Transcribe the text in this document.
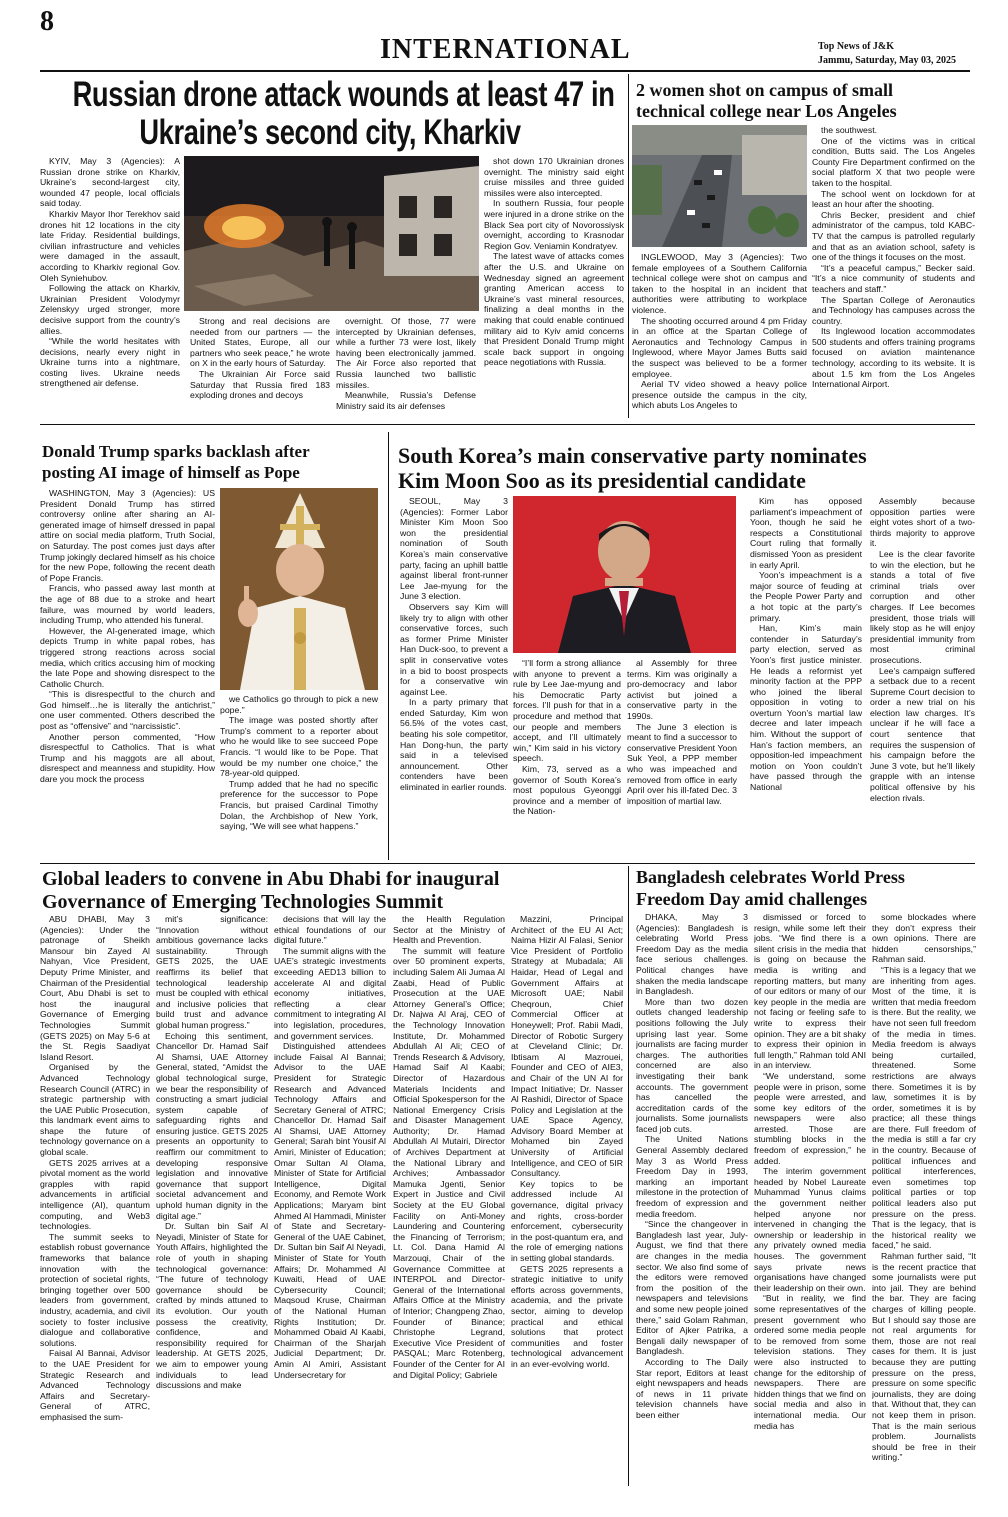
8
INTERNATIONAL	Top News of J&K
Jammu, Saturday, May 03, 2025
Russian drone attack wounds at least 47 in
Ukraine’s second city, Kharkiv

KYIV, May 3 (Agencies): A Russian drone strike on Kharkiv, Ukraine’s second-largest city, wounded 47 people, local officials said today.

Kharkiv Mayor Ihor Terekhov said drones hit 12 locations in the city late Friday. Residential buildings, civilian infrastructure and vehicles were damaged in the assault, according to Kharkiv regional Gov. Oleh Syniehubov.

Following the attack on Kharkiv, Ukrainian President Volodymyr Zelenskyy urged stronger, more decisive support from the country’s allies.

“While the world hesitates with decisions, nearly every night in Ukraine turns into a nightmare, costing lives. Ukraine needs strengthened air defense.

Strong and real decisions are needed from our partners — the United States, Europe, all our partners who seek peace,” he wrote on X in the early hours of Saturday.

The Ukrainian Air Force said Saturday that Russia fired 183 exploding drones and decoys

overnight. Of those, 77 were intercepted by Ukrainian defenses, while a further 73 were lost, likely having been electronically jammed. The Air Force also reported that Russia launched two ballistic missiles.

Meanwhile, Russia’s Defense Ministry said its air defenses

shot down 170 Ukrainian drones overnight. The ministry said eight cruise missiles and three guided missiles were also intercepted.

In southern Russia, four people were injured in a drone strike on the Black Sea port city of Novorossiysk overnight, according to Krasnodar Region Gov. Veniamin Kondratyev.

The latest wave of attacks comes after the U.S. and Ukraine on Wednesday signed an agreement granting American access to Ukraine’s vast mineral resources, finalizing a deal months in the making that could enable continued military aid to Kyiv amid concerns that President Donald Trump might scale back support in ongoing peace negotiations with Russia.

2 women shot on campus of small
technical college near Los Angeles

INGLEWOOD, May 3 (Agencies): Two female employees of a Southern California technical college were shot on campus and taken to the hospital in an incident that authorities were attributing to workplace violence.

The shooting occurred around 4 pm Friday in an office at the Spartan College of Aeronautics and Technology Campus in Inglewood, where Mayor James Butts said the suspect was believed to be a former employee.

Aerial TV video showed a heavy police presence outside the campus in the city, which abuts Los Angeles to

the southwest.

One of the victims was in critical condition, Butts said. The Los Angeles County Fire Department confirmed on the social platform X that two people were taken to the hospital.

The school went on lockdown for at least an hour after the shooting.

Chris Becker, president and chief administrator of the campus, told KABC-TV that the campus is patrolled regularly and that as an aviation school, safety is one of the things it focuses on the most.

“It’s a peaceful campus,” Becker said. “It’s a nice community of students and teachers and staff.”

The Spartan College of Aeronautics and Technology has campuses across the country.

Its Inglewood location accommodates 500 students and offers training programs focused on aviation maintenance technology, according to its website. It is about 1.5 km from the Los Angeles International Airport.

Donald Trump sparks backlash after
posting AI image of himself as Pope

WASHINGTON, May 3 (Agencies): US President Donald Trump has stirred controversy online after sharing an AI-generated image of himself dressed in papal attire on social media platform, Truth Social, on Saturday. The post comes just days after Trump jokingly declared himself as his choice for the new Pope, following the recent death of Pope Francis.

Francis, who passed away last month at the age of 88 due to a stroke and heart failure, was mourned by world leaders, including Trump, who attended his funeral.

However, the AI-generated image, which depicts Trump in white papal robes, has triggered strong reactions across social media, which critics accusing him of mocking the late Pope and showing disrespect to the Catholic Church.

“This is disrespectful to the church and God himself…he is literally the antichrist,” one user commented. Others described the post as “offensive” and “narcissistic”.

Another person commented, “How disrespectful to Catholics. That is what Trump and his maggots are all about, disrespect and meanness and stupidity. How dare you mock the process

we Catholics go through to pick a new pope.”

The image was posted shortly after Trump’s comment to a reporter about who he would like to see succeed Pope Francis. “I would like to be Pope. That would be my number one choice,” the 78-year-old quipped.

Trump added that he had no specific preference for the successor to Pope Francis, but praised Cardinal Timothy Dolan, the Archbishop of New York, saying, “We will see what happens.”

South Korea’s main conservative party nominates
Kim Moon Soo as its presidential candidate

SEOUL, May 3 (Agencies): Former Labor Minister Kim Moon Soo won the presidential nomination of South Korea’s main conservative party, facing an uphill battle against liberal front-runner Lee Jae-myung for the June 3 election.

Observers say Kim will likely try to align with other conservative forces, such as former Prime Minister Han Duck-soo, to prevent a split in conservative votes in a bid to boost prospects for a conservative win against Lee.

In a party primary that ended Saturday, Kim won 56.5% of the votes cast, beating his sole competitor, Han Dong-hun, the party said in a televised announcement. Other contenders have been eliminated in earlier rounds.

“I’ll form a strong alliance with anyone to prevent a rule by Lee Jae-myung and his Democratic Party forces. I’ll push for that in a procedure and method that our people and members accept, and I’ll ultimately win,” Kim said in his victory speech.

Kim, 73, served as a governor of South Korea’s most populous Gyeonggi province and a member of the Nation-

al Assembly for three terms. Kim was originally a pro-democracy and labor activist but joined a conservative party in the 1990s.

The June 3 election is meant to find a successor to conservative President Yoon Suk Yeol, a PPP member who was impeached and removed from office in early April over his ill-fated Dec. 3 imposition of martial law.

Kim has opposed parliament’s impeachment of Yoon, though he said he respects a Constitutional Court ruling that formally dismissed Yoon as president in early April.

Yoon’s impeachment is a major source of feuding at the People Power Party and a hot topic at the party’s primary.

Han, Kim’s main contender in Saturday’s party election, served as Yoon’s first justice minister. He leads a reformist yet minority faction at the PPP who joined the liberal opposition in voting to overturn Yoon’s martial law decree and later impeach him. Without the support of Han’s faction members, an opposition-led impeachment motion on Yoon couldn’t have passed through the National

Assembly because opposition parties were eight votes short of a two-thirds majority to approve it.

Lee is the clear favorite to win the election, but he stands a total of five criminal trials over corruption and other charges. If Lee becomes president, those trials will likely stop as he will enjoy presidential immunity from most criminal prosecutions.

Lee’s campaign suffered a setback due to a recent Supreme Court decision to order a new trial on his election law charges. It’s unclear if he will face a court sentence that requires the suspension of his campaign before the June 3 vote, but he’ll likely grapple with an intense political offensive by his election rivals.

Global leaders to convene in Abu Dhabi for inaugural
Governance of Emerging Technologies Summit

ABU DHABI, May 3 (Agencies): Under the patronage of Sheikh Mansour bin Zayed Al Nahyan, Vice President, Deputy Prime Minister, and Chairman of the Presidential Court, Abu Dhabi is set to host the inaugural Governance of Emerging Technologies Summit (GETS 2025) on May 5-6 at the St. Regis Saadiyat Island Resort.

Organised by the Advanced Technology Research Council (ATRC) in strategic partnership with the UAE Public Prosecution, this landmark event aims to shape the future of technology governance on a global scale.

GETS 2025 arrives at a pivotal moment as the world grapples with rapid advancements in artificial intelligence (AI), quantum computing, and Web3 technologies.

The summit seeks to establish robust governance frameworks that balance innovation with the protection of societal rights, bringing together over 500 leaders from government, industry, academia, and civil society to foster inclusive dialogue and collaborative solutions.

Faisal Al Bannai, Advisor to the UAE President for Strategic Research and Advanced Technology Affairs and Secretary-General of ATRC, emphasised the sum-

mit’s significance: “Innovation without ambitious governance lacks sustainability. Through GETS 2025, the UAE reaffirms its belief that technological leadership must be coupled with ethical and inclusive policies that build trust and advance global human progress.”

Echoing this sentiment, Chancellor Dr. Hamad Saif Al Shamsi, UAE Attorney General, stated, “Amidst the global technological surge, we bear the responsibility of constructing a smart judicial system capable of safeguarding rights and ensuring justice. GETS 2025 presents an opportunity to reaffirm our commitment to developing responsive legislation and innovative governance that support societal advancement and uphold human dignity in the digital age.”

Dr. Sultan bin Saif Al Neyadi, Minister of State for Youth Affairs, highlighted the role of youth in shaping technological governance: “The future of technology governance should be crafted by minds attuned to its evolution. Our youth possess the creativity, confidence, and responsibility required for leadership. At GETS 2025, we aim to empower young individuals to lead discussions and make

decisions that will lay the ethical foundations of our digital future.”

The summit aligns with the UAE’s strategic investments exceeding AED13 billion to accelerate AI and digital economy initiatives, reflecting a clear commitment to integrating AI into legislation, procedures, and government services.

Distinguished attendees include Faisal Al Bannai; Advisor to the UAE President for Strategic Research and Advanced Technology Affairs and Secretary General of ATRC; Chancellor Dr. Hamad Saif Al Shamsi, UAE Attorney General; Sarah bint Yousif Al Amiri, Minister of Education; Omar Sultan Al Olama, Minister of State for Artificial Intelligence, Digital Economy, and Remote Work Applications; Maryam bint Ahmed Al Hammadi, Minister of State and Secretary-General of the UAE Cabinet, Dr. Sultan bin Saif Al Neyadi, Minister of State for Youth Affairs; Dr. Mohammed Al Kuwaiti, Head of UAE Cybersecurity Council; Maqsoud Kruse, Chairman of the National Human Rights Institution; Dr. Mohammed Obaid Al Kaabi, Chairman of the Sharjah Judicial Department; Dr. Amin Al Amiri, Assistant Undersecretary for

the Health Regulation Sector at the Ministry of Health and Prevention.

The summit will feature over 50 prominent experts, including Salem Ali Jumaa Al Zaabi, Head of Public Prosecution at the UAE Attorney General’s Office; Dr. Najwa Al Araj, CEO of the Technology Innovation Institute, Dr. Mohammed Abdullah Al Ali; CEO of Trends Research & Advisory, Hamad Saif Al Kaabi; Director of Hazardous Materials Incidents and Official Spokesperson for the National Emergency Crisis and Disaster Management Authority; Dr. Hamad Abdullah Al Mutairi, Director of Archives Department at the National Library and Archives; Ambassador Mamuka Jgenti, Senior Expert in Justice and Civil Society at the EU Global Facility on Anti-Money Laundering and Countering the Financing of Terrorism; Lt. Col. Dana Hamid Al Marzouqi, Chair of the Governance Committee at INTERPOL and Director-General of the International Affairs Office at the Ministry of Interior; Changpeng Zhao, Founder of Binance; Christophe Legrand, Executive Vice President of PASQAL; Marc Rotenberg, Founder of the Center for AI and Digital Policy; Gabriele

Mazzini, Principal Architect of the EU AI Act; Naima Hizir Al Falasi, Senior Vice President of Portfolio Strategy at Mubadala; Ali Haidar, Head of Legal and Government Affairs at Microsoft UAE; Nabil Cheqroun, Chief Commercial Officer at Honeywell; Prof. Rabii Madi, Director of Robotic Surgery at Cleveland Clinic; Dr. Ibtisam Al Mazrouei, Founder and CEO of AIE3, and Chair of the UN AI for Impact Initiative; Dr. Nasser Al Rashidi, Director of Space Policy and Legislation at the UAE Space Agency, Advisory Board Member at Mohamed bin Zayed University of Artificial Intelligence, and CEO of 5IR Consultancy.

Key topics to be addressed include AI governance, digital privacy and rights, cross-border enforcement, cybersecurity in the post-quantum era, and the role of emerging nations in setting global standards.

GETS 2025 represents a strategic initiative to unify efforts across governments, academia, and the private sector, aiming to develop practical and ethical solutions that protect communities and foster technological advancement in an ever-evolving world.

Bangladesh celebrates World Press
Freedom Day amid challenges

DHAKA, May 3 (Agencies): Bangladesh is celebrating World Press Freedom Day as the media face serious challenges. Political changes have shaken the media landscape in Bangladesh.

More than two dozen outlets changed leadership positions following the July uprising last year. Some journalists are facing murder charges. The authorities concerned are also investigating their bank accounts. The government has cancelled the accreditation cards of the journalists. Some journalists faced job cuts.

The United Nations General Assembly declared May 3 as World Press Freedom Day in 1993, marking an important milestone in the protection of freedom of expression and media freedom.

“Since the changeover in Bangladesh last year, July-August, we find that there are changes in the media sector. We also find some of the editors were removed from the position of the newspapers and televisions and some new people joined there,” said Golam Rahman, Editor of Ajker Patrika, a Bengali daily newspaper of Bangladesh.

According to The Daily Star report, Editors at least eight newspapers and heads of news in 11 private television channels have been either

dismissed or forced to resign, while some left their jobs. “We find there is a silent crisis in the media that is going on because the media is writing and reporting matters, but many of our editors or many of our key people in the media are not facing or feeling safe to write to express their opinion. They are a bit shaky to express their opinion in full length,” Rahman told ANI in an interview.

“We understand, some people were in prison, some people were arrested, and some key editors of the newspapers were also arrested. Those are stumbling blocks in the freedom of expression,” he added.

The interim government headed by Nobel Laureate Muhammad Yunus claims the government neither helped anyone nor intervened in changing the ownership or leadership in any privately owned media houses. The government says private news organisations have changed their leadership on their own.

“But in reality, we find some representatives of the present government who ordered some media people to be removed from some television stations. They were also instructed to change for the editorship of newspapers. There are hidden things that we find on social media and also in international media. Our media has

some blockades where they don’t express their own opinions. There are hidden censorships,” Rahman said.

“This is a legacy that we are inheriting from ages. Most of the time, it is written that media freedom is there. But the reality, we have not seen full freedom of the media in times. Media freedom is always being curtailed, threatened. Some restrictions are always there. Sometimes it is by law, sometimes it is by order, sometimes it is by practice; all these things are there. Full freedom of the media is still a far cry in the country. Because of political influences and political interferences, even sometimes top political parties or top political leaders also put pressure on the press. That is the legacy, that is the historical reality we faced,” he said.

Rahman further said, “It is the recent practice that some journalists were put into jail. They are behind the bar. They are facing charges of killing people. But I should say those are not real arguments for them, those are not real cases for them. It is just because they are putting pressure on the press, pressure on some specific journalists, they are doing that. Without that, they can not keep them in prison. That is the main serious problem. Journalists should be free in their writing.”
